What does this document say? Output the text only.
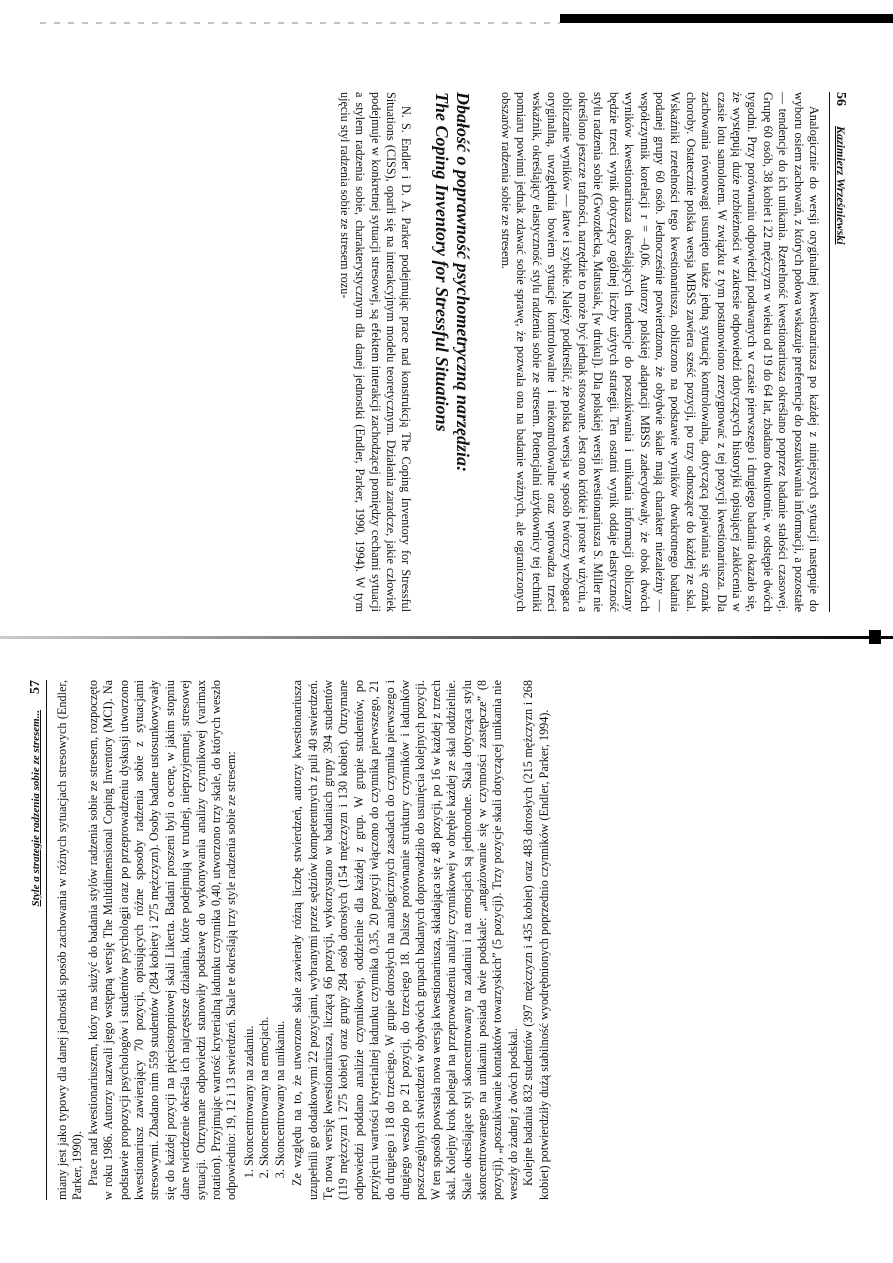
56
Kazimierz Wrześniewski

Analogicznie do wersji oryginalnej kwestionariusza po każdej z niniejszych sytuacji następuje do wyboru osiem zachowań, z których połowa wskazuje preferencje do poszukiwania informacji, a pozostałe — tendencje do ich unikania. Rzetelność kwestionariusza określano poprzez badanie stałości czasowej. Grupę 60 osób, 38 kobiet i 22 mężczyzn w wieku od 19 do 64 lat, zbadano dwukrotnie, w odstępie dwóch tygodni. Przy porównaniu odpowiedzi podawanych w czasie pierwszego i drugiego badania okazało się, że występują duże rozbieżności w zakresie odpowiedzi dotyczących historyjki opisującej zakłócenia w czasie lotu samolotem. W związku z tym postanowiono zrezygnować z tej pozycji kwestionariusza. Dla zachowania równowagi usunięto także jedną sytuację kontrolowalną, dotyczącą pojawiania się oznak choroby. Ostatecznie polska wersja MBSS zawiera sześć pozycji, po trzy odnoszące do każdej ze skal. Wskaźniki rzetelności tego kwestionariusza, obliczono na podstawie wyników dwukrotnego badania podanej grupy 60 osób. Jednocześnie potwierdzono, że obydwie skale mają charakter niezależny — współczynnik korelacji r = –0,06. Autorzy polskiej adaptacji MBSS zadecydowały, że obok dwóch wyników kwestionariusza określających tendencje do poszukiwania i unikania informacji obliczany będzie trzeci wynik dotyczący ogólnej liczby użytych strategii. Ten ostatni wynik oddaje elastyczność stylu radzenia sobie (Gwozdecka, Matusiak, [w druku]). Dla polskiej wersji kwestionariusza S. Miller nie określono jeszcze trafności, narzędzie to może być jednak stosowane. Jest ono krótkie i proste w użyciu, a obliczanie wyników — łatwe i szybkie. Należy podkreślić, że polska wersja w sposób twórczy wzbogaca oryginalną, uwzględnia bowiem sytuacje kontrolowalne i niekontrolowalne oraz wprowadza trzeci wskaźnik, określający elastyczność stylu radzenia sobie ze stresem. Potencjalni użytkownicy tej techniki pomiaru powinni jednak zdawać sobie sprawę, że pozwala ona na badanie ważnych, ale ograniczonych obszarów radzenia sobie ze stresem.

Dbałość o poprawność psychometryczną narzędzia:
The Coping Inventory for Stressful Situations

N. S. Endler i D. A. Parker podejmując prace nad konstrukcją The Coping Inventory for Stressful Situations (CISS), oparli się na interakcyjnym modelu teoretycznym. Działania zaradcze, jakie człowiek podejmuje w konkretnej sytuacji stresowej, są efektem interakcji zachodzącej pomiędzy cechami sytuacji a stylem radzenia sobie, charakterystycznym dla danej jednostki (Endler, Parker, 1990, 1994). W tym ujęciu styl radzenia sobie ze stresem rozu-

Style a strategie radzenia sobie ze stresem...
57 miany jest jako typowy dla danej jednostki sposób zachowania w różnych sytuacjach stresowych (Endler, Parker, 1990). Prace nad kwestionariuszem, który ma służyć do badania stylów radzenia sobie ze stresem, rozpoczęto w roku 1986. Autorzy nazwali jego wstępną wersję The Multidimensional Coping Inventory (MCI). Na podstawie propozycji psychologów i studentów psychologii oraz po przeprowadzeniu dyskusji utworzono kwestionariusz zawierający 70 pozycji, opisujących różne sposoby radzenia sobie z sytuacjami stresowymi. Zbadano nim 559 studentów (284 kobiety i 275 mężczyzn). Osoby badane ustosunkowywały się do każdej pozycji na pięciostopniowej skali Likerta. Badani proszeni byli o ocenę, w jakim stopniu dane twierdzenie określa ich najczęstsze działania, które podejmują w trudnej, nieprzyjemnej, stresowej sytuacji. Otrzymane odpowiedzi stanowiły podstawę do wykonywania analizy czynnikowej (varimax rotation). Przyjmując wartość kryterialną ładunku czynnika 0,40, utworzono trzy skale, do których weszło odpowiednio: 19, 12 i 13 stwierdzeń. Skale te określają trzy style radzenia sobie ze stresem: 1. Skoncentrowany na zadaniu. 2. Skoncentrowany na emocjach. 3. Skoncentrowany na unikaniu. Ze względu na to, że utworzone skale zawierały różną liczbę stwierdzeń, autorzy kwestionariusza uzupełnili go dodatkowymi 22 pozycjami, wybranymi przez sędziów kompetentnych z puli 40 stwierdzeń. Tę nową wersję kwestionariusza, liczącą 66 pozycji, wykorzystano w badaniach grupy 394 studentów (119 mężczyzn i 275 kobiet) oraz grupy 284 osób dorosłych (154 mężczyzn i 130 kobiet). Otrzymane odpowiedzi poddano analizie czynnikowej, oddzielnie dla każdej z grup. W grupie studentów, po przyjęciu wartości kryterialnej ładunku czynnika 0,35, 20 pozycji włączono do czynnika pierwszego, 21 do drugiego i 18 do trzeciego. W grupie dorosłych na analogicznych zasadach do czynnika pierwszego i drugiego weszło po 21 pozycji, do trzeciego 18. Dalsze porównanie struktury czynników i ładunków poszczególnych stwierdzeń w obydwóch grupach badanych doprowadziło do usunięcia kolejnych pozycji. W ten sposób powstała nowa wersja kwestionariusza, składająca się z 48 pozycji, po 16 w każdej z trzech skal. Kolejny krok polegał na przeprowadzeniu analizy czynnikowej w obrębie każdej ze skal oddzielnie. Skale określające styl skoncentrowany na zadaniu i na emocjach są jednorodne. Skala dotycząca stylu skoncentrowanego na unikaniu posiada dwie podskale: „angażowanie się w czynności zastępcze” (8 pozycji), „poszukiwanie kontaktów towarzyskich” (5 pozycji). Trzy pozycje skali dotyczącej unikania nie weszły do żadnej z dwóch podskal. Kolejne badania 832 studentów (397 mężczyzn i 435 kobiet) oraz 483 dorosłych (215 mężczyzn i 268 kobiet) potwierdziły dużą stabilność wyodrębnionych poprzednio czynników (Endler, Parker, 1994).
